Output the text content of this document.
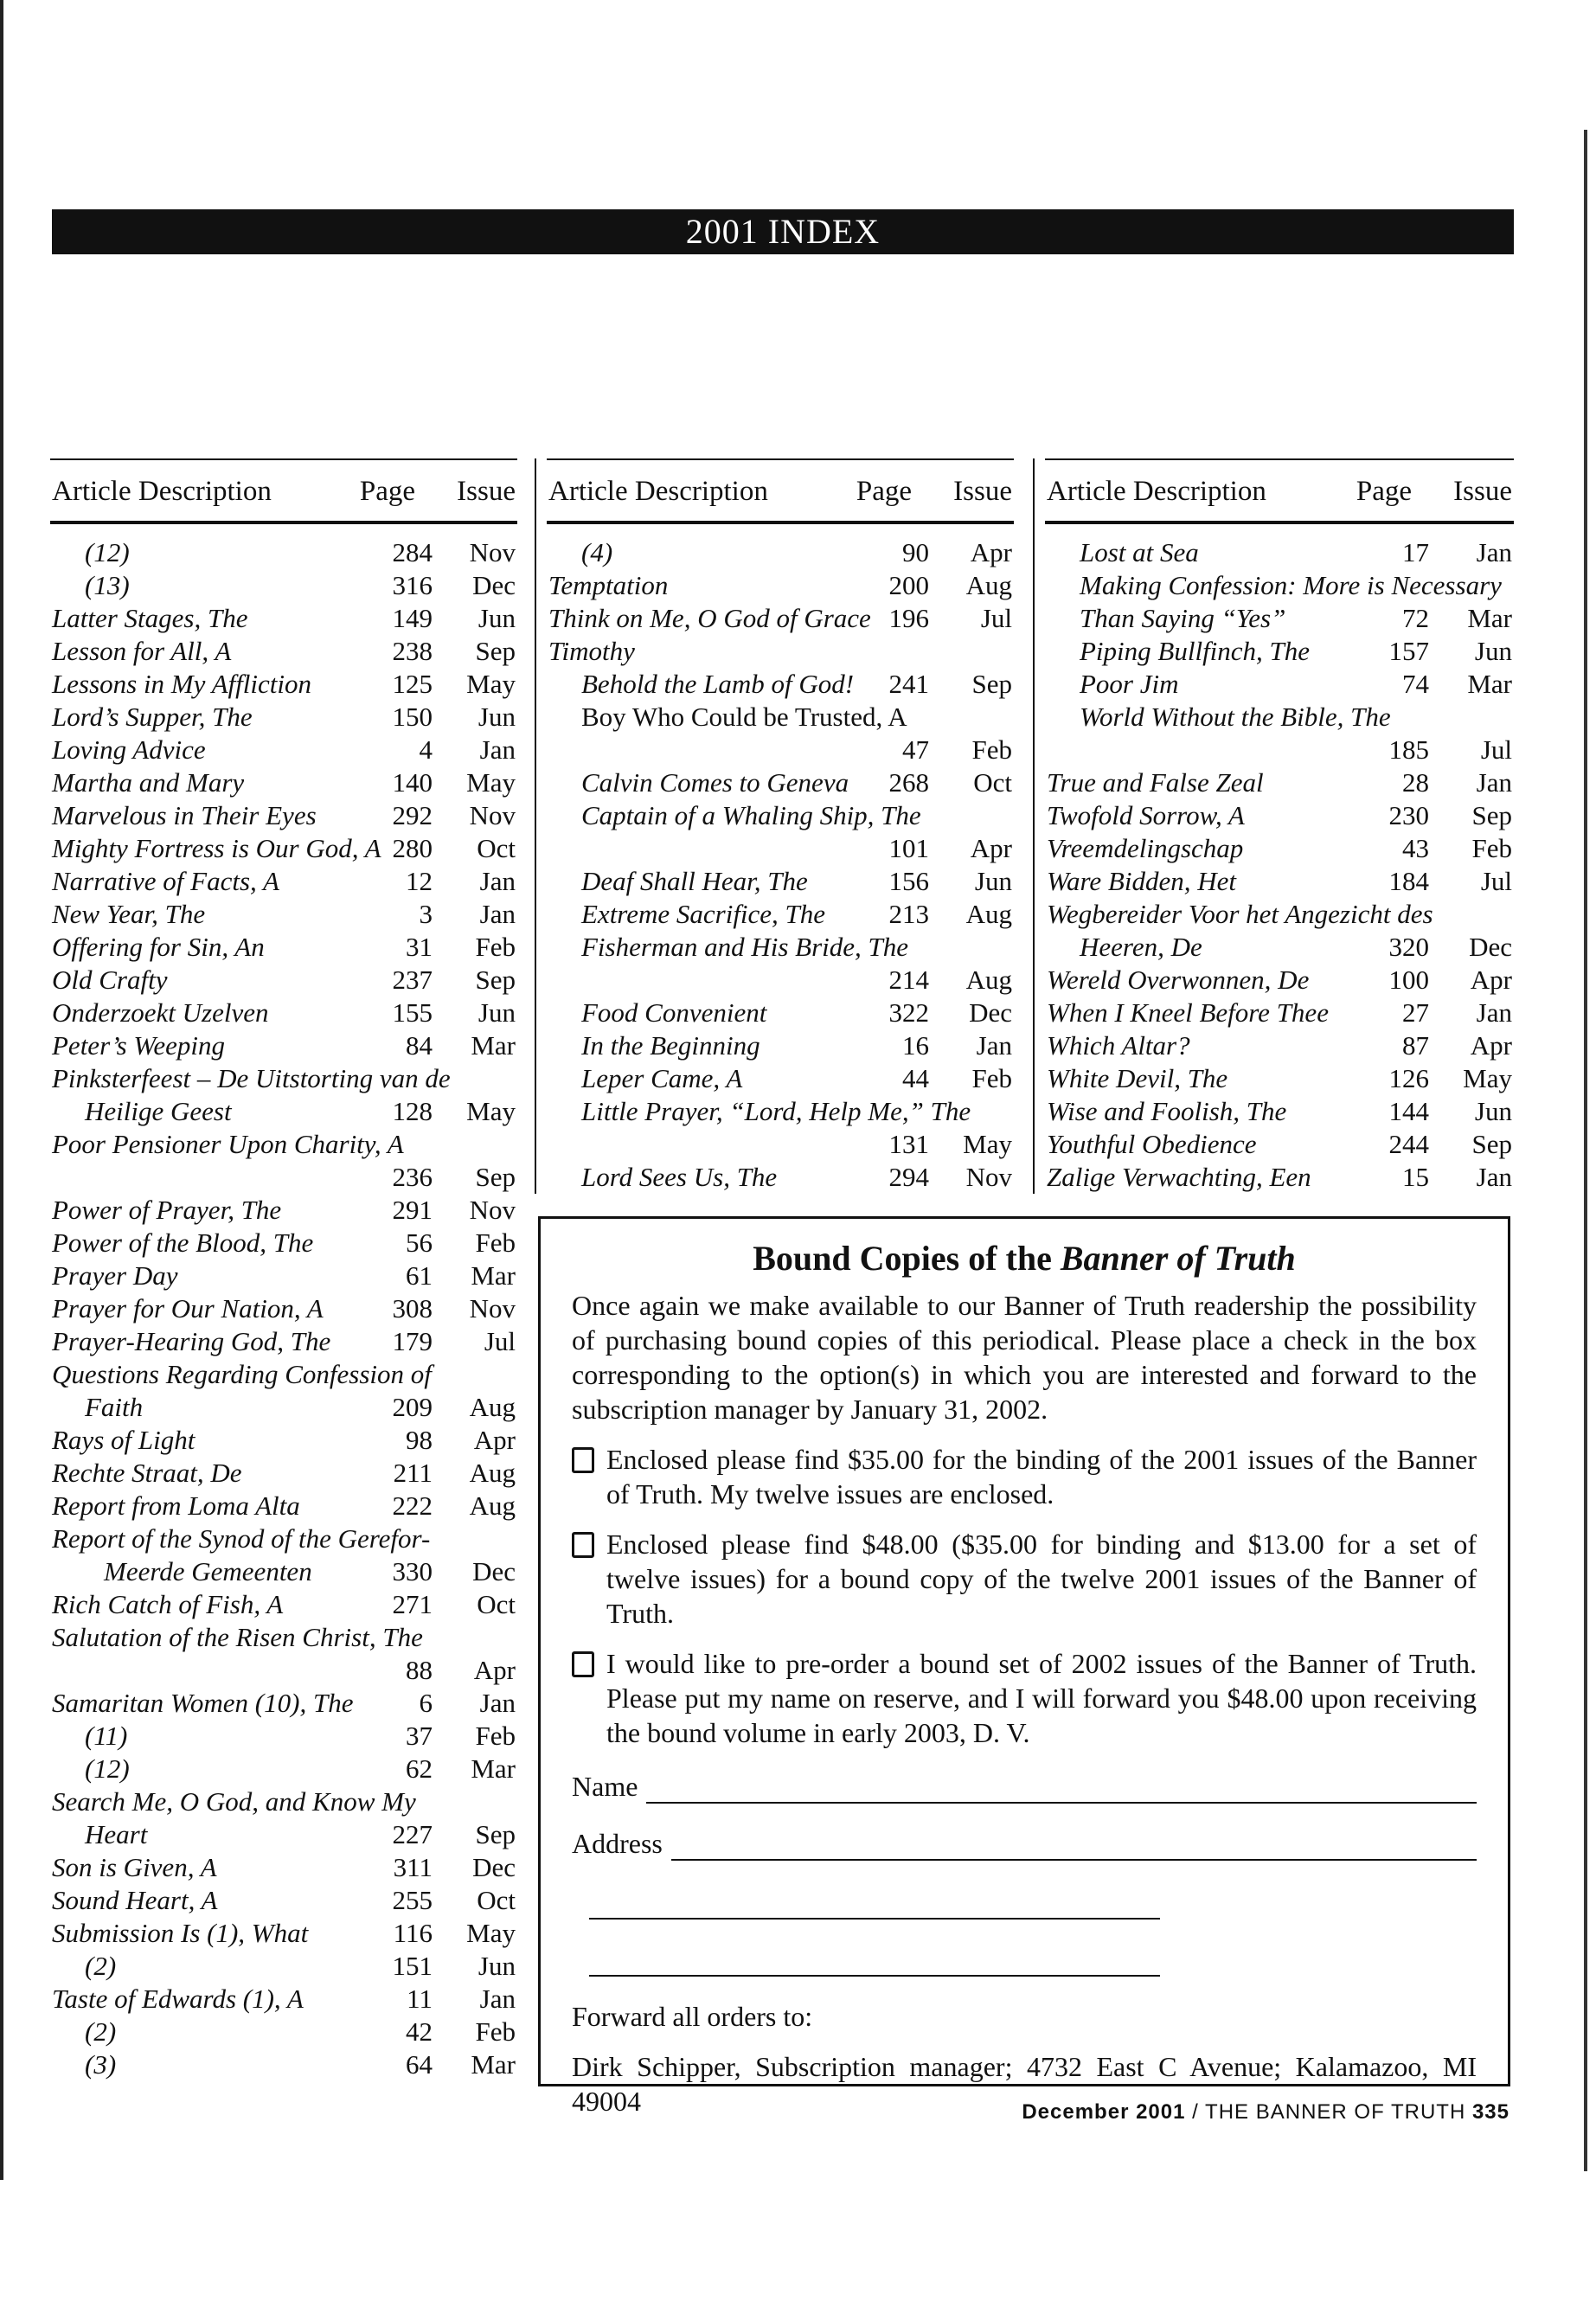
2001 INDEX
Article Description	Page Issue
(12)	284	Nov
(13)	316	Dec
Latter Stages, The	149	Jun
Lesson for All, A	238	Sep
Lessons in My Affliction	125	May
Lord’s Supper, The	150	Jun
Loving Advice	4	Jan
Martha and Mary	140	May
Marvelous in Their Eyes	292	Nov
Mighty Fortress is Our God, A 280	Oct
Narrative of Facts, A	12	Jan
New Year, The	3	Jan
Offering for Sin, An	31	Feb
Old Crafty	237	Sep
Onderzoekt Uzelven	155	Jun
Peter’s Weeping	84	Mar
Pinksterfeest – De Uitstorting van de
Heilige Geest	128	May
Poor Pensioner Upon Charity, A
236	Sep
Power of Prayer, The	291	Nov
Power of the Blood, The	56	Feb
Prayer Day	61	Mar
Prayer for Our Nation, A	308	Nov
Prayer-Hearing God, The	179	Jul
Questions Regarding Confession of
Faith	209	Aug
Rays of Light	98	Apr
Rechte Straat, De	211	Aug
Report from Loma Alta	222	Aug
Report of the Synod of the Gerefor-
Meerde Gemeenten	330	Dec
Rich Catch of Fish, A	271	Oct
Salutation of the Risen Christ, The
88	Apr
Samaritan Women (10), The	6	Jan
(11)	37	Feb
(12)	62	Mar
Search Me, O God, and Know My
Heart	227	Sep
Son is Given, A	311	Dec
Sound Heart, A	255	Oct
Submission Is (1), What	116	May
(2)	151	Jun
Taste of Edwards (1), A	11	Jan
(2)	42	Feb
(3)	64	Mar
Article Description	Page Issue
(4)	90	Apr
Temptation	200	Aug
Think on Me, O God of Grace 196	Jul
Timothy
Behold the Lamb of God!	241	Sep
Boy Who Could be Trusted, A
47	Feb
Calvin Comes to Geneva	268	Oct
Captain of a Whaling Ship, The
101	Apr
Deaf Shall Hear, The	156	Jun
Extreme Sacrifice, The	213	Aug
Fisherman and His Bride, The
214	Aug
Food Convenient	322	Dec
In the Beginning	16	Jan
Leper Came, A	44	Feb
Little Prayer, “Lord, Help Me,” The
131	May
Lord Sees Us, The	294	Nov
Article Description	Page Issue
Lost at Sea	17	Jan
Making Confession: More is Necessary
Than Saying “Yes”	72	Mar
Piping Bullfinch, The	157	Jun
Poor Jim	74	Mar
World Without the Bible, The
185	Jul
True and False Zeal	28	Jan
Twofold Sorrow, A	230	Sep
Vreemdelingschap	43	Feb
Ware Bidden, Het	184	Jul
Wegbereider Voor het Angezicht des
Heeren, De	320	Dec
Wereld Overwonnen, De	100	Apr
When I Kneel Before Thee	27	Jan
Which Altar?	87	Apr
White Devil, The	126	May
Wise and Foolish, The	144	Jun
Youthful Obedience	244	Sep
Zalige Verwachting, Een	15	Jan
Bound Copies of the Banner of Truth

Once again we make available to our Banner of Truth readership the possibility of purchasing bound copies of this periodical. Please place a check in the box corresponding to the option(s) in which you are interested and forward to the subscription manager by January 31, 2002.

Enclosed please find $35.00 for the binding of the 2001 issues of the Banner of Truth. My twelve issues are enclosed.

Enclosed please find $48.00 ($35.00 for binding and $13.00 for a set of twelve issues) for a bound copy of the twelve 2001 issues of the Banner of Truth.

I would like to pre-order a bound set of 2002 issues of the Banner of Truth. Please put my name on reserve, and I will forward you $48.00 upon receiving the bound volume in early 2003, D. V.

Name
Address

Forward all orders to:

Dirk Schipper, Subscription manager; 4732 East C Avenue; Kalamazoo, MI 49004	December 2001 / THE BANNER OF TRUTH 335
